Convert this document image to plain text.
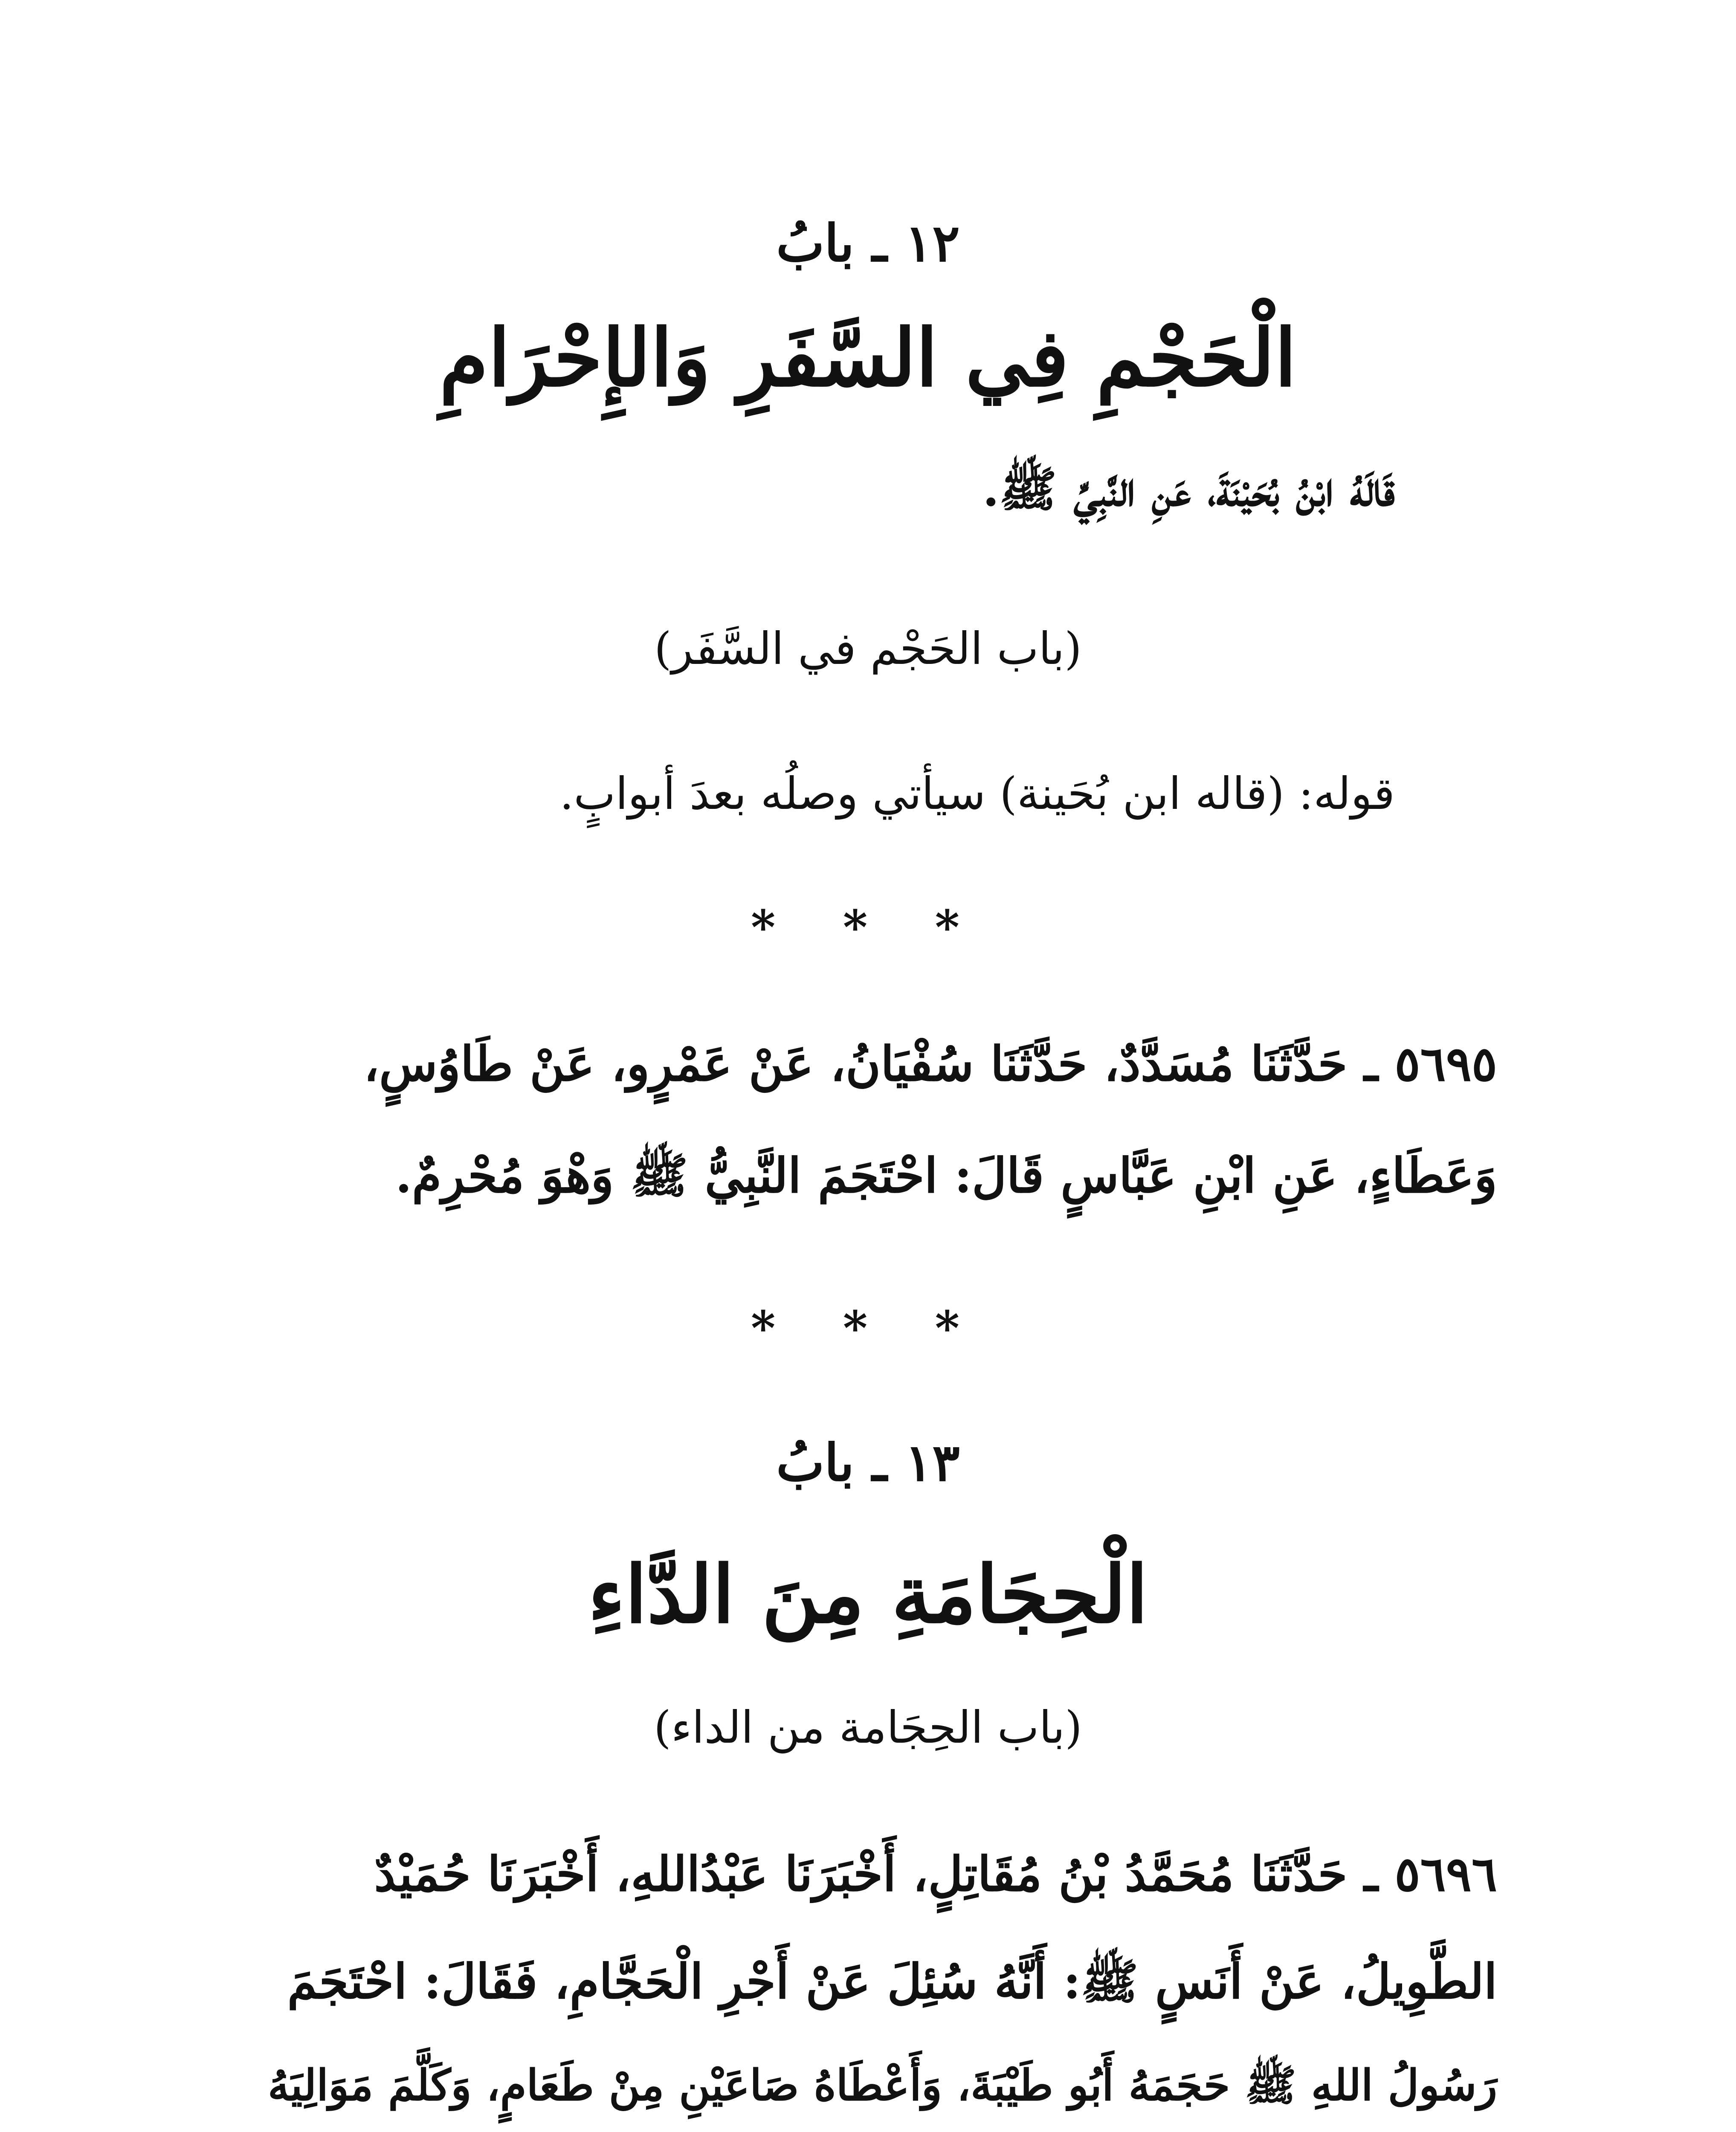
١٢ ـ بابُ
الْحَجْمِ فِي السَّفَرِ وَالإِحْرَامِ
قَالَهُ ابْنُ بُحَيْنَةَ، عَنِ النَّبِيِّ ﷺ.
(باب الحَجْم في السَّفَر)
قوله: (قاله ابن بُحَينة) سيأتي وصلُه بعدَ أبوابٍ.
* * *
٥٦٩٥ ـ حَدَّثَنَا مُسَدَّدٌ، حَدَّثَنَا سُفْيَانُ، عَنْ عَمْرٍو، عَنْ طَاوُسٍ،
وَعَطَاءٍ، عَنِ ابْنِ عَبَّاسٍ قَالَ: احْتَجَمَ النَّبِيُّ ﷺ وَهْوَ مُحْرِمٌ.
* * *
١٣ ـ بابُ
الْحِجَامَةِ مِنَ الدَّاءِ
(باب الحِجَامة من الداء)
٥٦٩٦ ـ حَدَّثَنَا مُحَمَّدُ بْنُ مُقَاتِلٍ، أَخْبَرَنَا عَبْدُاللهِ، أَخْبَرَنَا حُمَيْدٌ
الطَّوِيلُ، عَنْ أَنَسٍ ﷺ: أَنَّهُ سُئِلَ عَنْ أَجْرِ الْحَجَّامِ، فَقَالَ: احْتَجَمَ
رَسُولُ اللهِ ﷺ حَجَمَهُ أَبُو طَيْبَةَ، وَأَعْطَاهُ صَاعَيْنِ مِنْ طَعَامٍ، وَكَلَّمَ مَوَالِيَهُ
